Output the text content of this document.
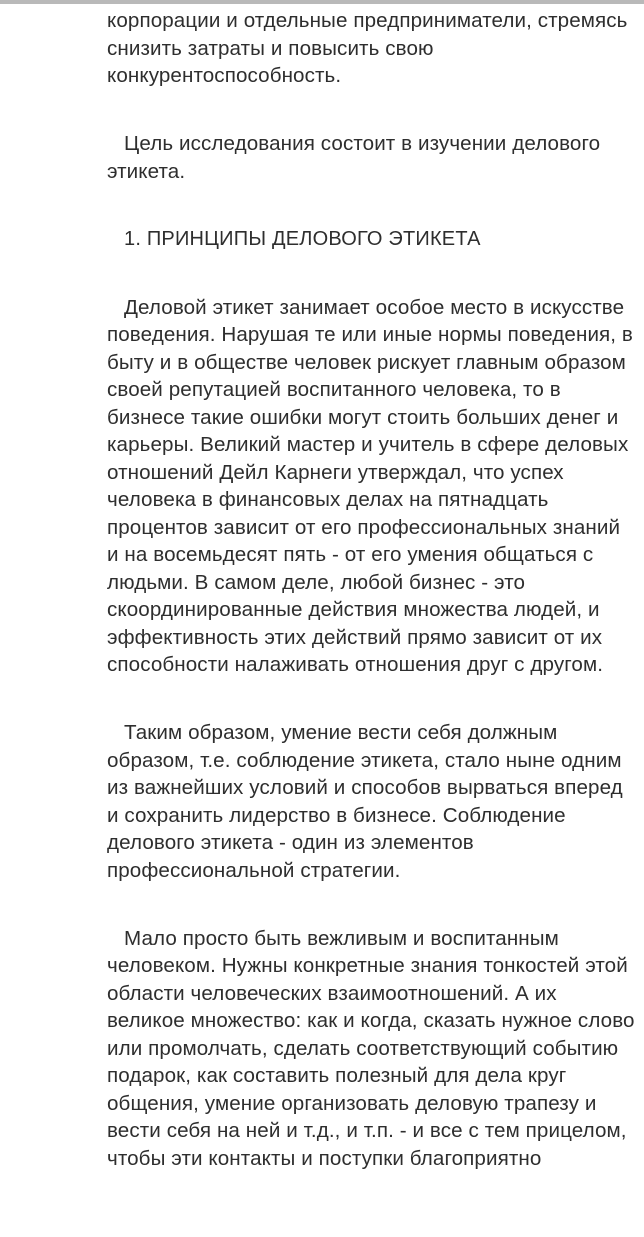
корпорации и отдельные предприниматели, стремясь снизить затраты и повысить свою конкурентоспособность.

Цель исследования состоит в изучении делового этикета.

1. ПРИНЦИПЫ ДЕЛОВОГО ЭТИКЕТА

Деловой этикет занимает особое место в искусстве поведения. Нарушая те или иные нормы поведения, в быту и в обществе человек рискует главным образом своей репутацией воспитанного человека, то в бизнесе такие ошибки могут стоить больших денег и карьеры. Великий мастер и учитель в сфере деловых отношений Дейл Карнеги утверждал, что успех человека в финансовых делах на пятнадцать процентов зависит от его профессиональных знаний и на восемьдесят пять - от его умения общаться с людьми. В самом деле, любой бизнес - это скоординированные действия множества людей, и эффективность этих действий прямо зависит от их способности налаживать отношения друг с другом.

Таким образом, умение вести себя должным образом, т.е. соблюдение этикета, стало ныне одним из важнейших условий и способов вырваться вперед и сохранить лидерство в бизнесе. Соблюдение делового этикета - один из элементов профессиональной стратегии.

Мало просто быть вежливым и воспитанным человеком. Нужны конкретные знания тонкостей этой области человеческих взаимоотношений. А их великое множество: как и когда, сказать нужное слово или промолчать, сделать соответствующий событию подарок, как составить полезный для дела круг общения, умение организовать деловую трапезу и вести себя на ней и т.д., и т.п. - и все с тем прицелом, чтобы эти контакты и поступки благоприятно
